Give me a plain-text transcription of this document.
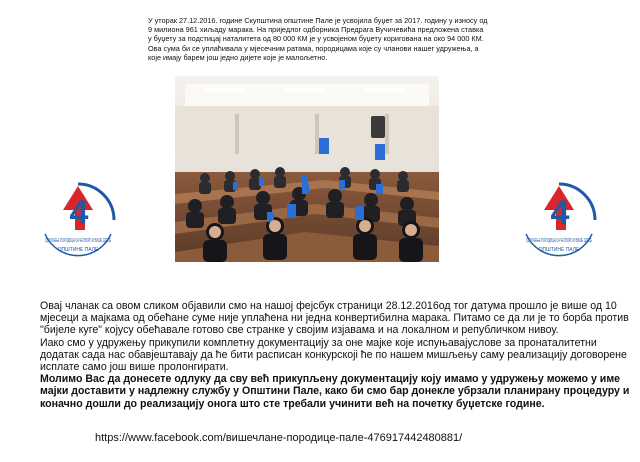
У уторак 27.12.2016. године Скупштина општине Пале је усвојила буџет за 2017. годину у износу од 9 милиона 961 хиљаду марака. На приједлог одборника Предрага Вучичевића предложена ставка у буџету за подстицај наталитета од 80 000 КМ је у усвојеном буџету коригована на око 94 000 КМ.

Ова сума би се уплаћивала у мјесечним ратама, породицама које су чланови нашег удружења, а које имају барем још једно дијете које је малољетно.

4
УДРУЖЕЊЕ ПОРОДИЦА СА ЧЕТВОРО И ВИШЕ ДЈЕЦЕ
ОПШТИНЕ ПАЛЕ
4
УДРУЖЕЊЕ ПОРОДИЦА СА ЧЕТВОРО И ВИШЕ ДЈЕЦЕ
ОПШТИНЕ ПАЛЕ

Овај чланак са овом сликом објавили смо на нашој фејсбук страници 28.12.2016од тог датума прошло је више од 10 мјесеци а мајкама од обећане суме није уплаћена ни једна конвертибилна марака. Питамо се да ли је то борба против "бијеле куге" којусу обећавале готово све странке у својим изјавама и на локалном и републичком нивоу.

Иако смо у удружењу прикупили комплетну документацију за оне мајке које испуњавајуслове за пронаталитетни додатак сада нас обавјештавају да ће бити расписан конкурскојі ће по нашем мишљењу саму реализацију договорене исплате само још више пролонгирати.

Молимо Вас да донесете одлуку да сву већ прикупљену документацију коју имамо у удружењу можемо у име мајки доставити у надлежну службу у Општини Пале, како би смо бар донекле убрзали планирану процедуру и коначно дошли до реализацију онога што сте требали учинити већ на почетку буџетске године.

https://www.facebook.com/вишечлане-породице-пале-476917442480881/
